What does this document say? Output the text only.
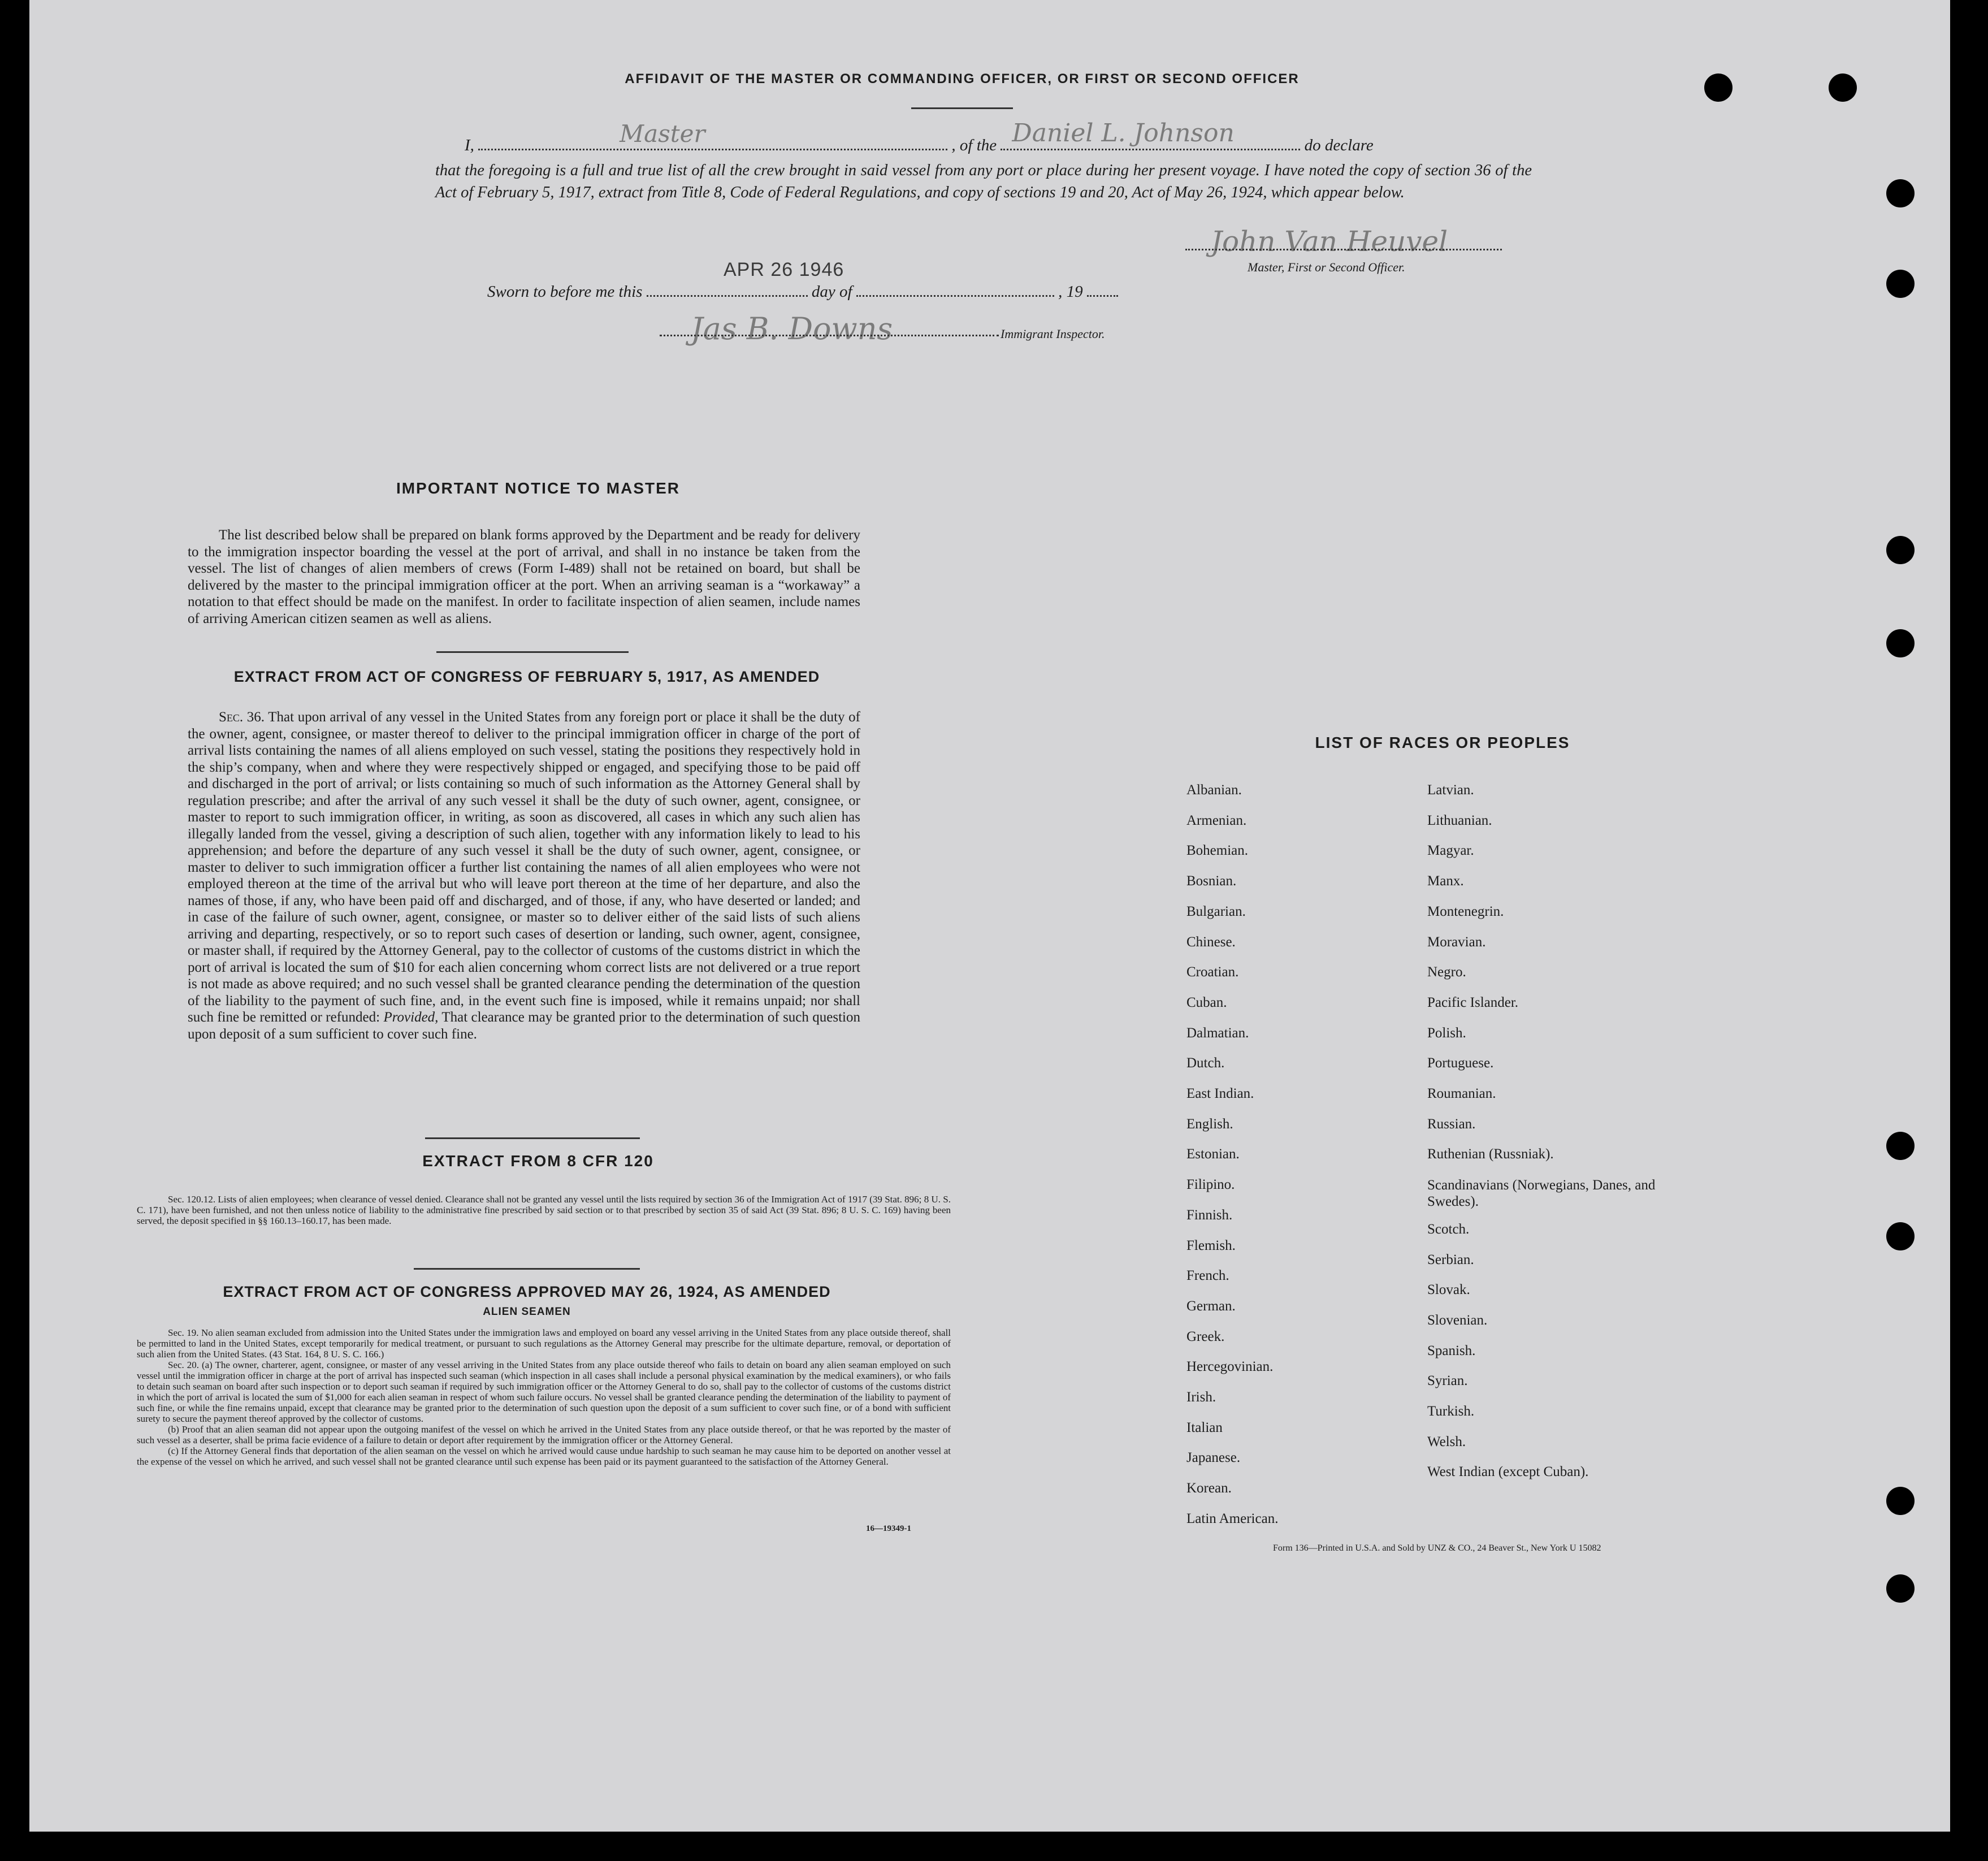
AFFIDAVIT OF THE MASTER OR COMMANDING OFFICER, OR FIRST OR SECOND OFFICER
I,	Master	, of the Daniel L. Johnson	do declare
that the foregoing is a full and true list of all the crew brought in said vessel from any port or place during her present voyage. I have noted the copy of section 36 of the Act of February 5, 1917, extract from Title 8, Code of Federal Regulations, and copy of sections 19 and 20, Act of May 26, 1924, which appear below.
John Van Heuvel
Master, First or Second Officer.
APR 26 1946
Sworn to before me this	day of	, 19
Jas B. Downs	Immigrant Inspector.
IMPORTANT NOTICE TO MASTER
The list described below shall be prepared on blank forms approved by the Department and be ready for delivery to the immigration inspector boarding the vessel at the port of arrival, and shall in no instance be taken from the vessel. The list of changes of alien members of crews (Form I-489) shall not be retained on board, but shall be delivered by the master to the principal immigration officer at the port. When an arriving seaman is a “workaway” a notation to that effect should be made on the manifest. In order to facilitate inspection of alien seamen, include names of arriving American citizen seamen as well as aliens.
EXTRACT FROM ACT OF CONGRESS OF FEBRUARY 5, 1917, AS AMENDED
Sec. 36. That upon arrival of any vessel in the United States from any foreign port or place it shall be the duty of the owner, agent, consignee, or master thereof to deliver to the principal immigration officer in charge of the port of arrival lists containing the names of all aliens employed on such vessel, stating the positions they respectively hold in the ship’s company, when and where they were respectively shipped or engaged, and specifying those to be paid off and discharged in the port of arrival; or lists containing so much of such information as the Attorney General shall by regulation prescribe; and after the arrival of any such vessel it shall be the duty of such owner, agent, consignee, or master to report to such immigration officer, in writing, as soon as discovered, all cases in which any such alien has illegally landed from the vessel, giving a description of such alien, together with any information likely to lead to his apprehension; and before the departure of any such vessel it shall be the duty of such owner, agent, consignee, or master to deliver to such immigration officer a further list containing the names of all alien employees who were not employed thereon at the time of the arrival but who will leave port thereon at the time of her departure, and also the names of those, if any, who have been paid off and discharged, and of those, if any, who have deserted or landed; and in case of the failure of such owner, agent, consignee, or master so to deliver either of the said lists of such aliens arriving and departing, respectively, or so to report such cases of desertion or landing, such owner, agent, consignee, or master shall, if required by the Attorney General, pay to the collector of customs of the customs district in which the port of arrival is located the sum of $10 for each alien concerning whom correct lists are not delivered or a true report is not made as above required; and no such vessel shall be granted clearance pending the determination of the question of the liability to the payment of such fine, and, in the event such fine is imposed, while it remains unpaid; nor shall such fine be remitted or refunded: Provided, That clearance may be granted prior to the determination of such question upon deposit of a sum sufficient to cover such fine.
EXTRACT FROM 8 CFR 120
Sec. 120.12. Lists of alien employees; when clearance of vessel denied. Clearance shall not be granted any vessel until the lists required by section 36 of the Immigration Act of 1917 (39 Stat. 896; 8 U. S. C. 171), have been furnished, and not then unless notice of liability to the administrative fine prescribed by said section or to that prescribed by section 35 of said Act (39 Stat. 896; 8 U. S. C. 169) having been served, the deposit specified in §§ 160.13–160.17, has been made.
EXTRACT FROM ACT OF CONGRESS APPROVED MAY 26, 1924, AS AMENDED
ALIEN SEAMEN
Sec. 19. No alien seaman excluded from admission into the United States under the immigration laws and employed on board any vessel arriving in the United States from any place outside thereof, shall be permitted to land in the United States, except temporarily for medical treatment, or pursuant to such regulations as the Attorney General may prescribe for the ultimate departure, removal, or deportation of such alien from the United States. (43 Stat. 164, 8 U. S. C. 166.)
Sec. 20. (a) The owner, charterer, agent, consignee, or master of any vessel arriving in the United States from any place outside thereof who fails to detain on board any alien seaman employed on such vessel until the immigration officer in charge at the port of arrival has inspected such seaman (which inspection in all cases shall include a personal physical examination by the medical examiners), or who fails to detain such seaman on board after such inspection or to deport such seaman if required by such immigration officer or the Attorney General to do so, shall pay to the collector of customs of the customs district in which the port of arrival is located the sum of $1,000 for each alien seaman in respect of whom such failure occurs. No vessel shall be granted clearance pending the determination of the liability to payment of such fine, or while the fine remains unpaid, except that clearance may be granted prior to the determination of such question upon the deposit of a sum sufficient to cover such fine, or of a bond with sufficient surety to secure the payment thereof approved by the collector of customs.
(b) Proof that an alien seaman did not appear upon the outgoing manifest of the vessel on which he arrived in the United States from any place outside thereof, or that he was reported by the master of such vessel as a deserter, shall be prima facie evidence of a failure to detain or deport after requirement by the immigration officer or the Attorney General.
(c) If the Attorney General finds that deportation of the alien seaman on the vessel on which he arrived would cause undue hardship to such seaman he may cause him to be deported on another vessel at the expense of the vessel on which he arrived, and such vessel shall not be granted clearance until such expense has been paid or its payment guaranteed to the satisfaction of the Attorney General.
16—19349-1
LIST OF RACES OR PEOPLES
Form 136—Printed in U.S.A. and Sold by UNZ & CO., 24 Beaver St., New York U 15082
Albanian.
Armenian.
Bohemian.
Bosnian.
Bulgarian.
Chinese.
Croatian.
Cuban.
Dalmatian.
Dutch.
East Indian.
English.
Estonian.
Filipino.
Finnish.
Flemish.
French.
German.
Greek.
Hercegovinian.
Irish.
Italian
Japanese.
Korean.
Latin American.
Latvian.
Lithuanian.
Magyar.
Manx.
Montenegrin.
Moravian.
Negro.
Pacific Islander.
Polish.
Portuguese.
Roumanian.
Russian.
Ruthenian (Russniak).
Scandinavians (Norwegians, Danes, and Swedes).
Scotch.
Serbian.
Slovak.
Slovenian.
Spanish.
Syrian.
Turkish.
Welsh.
West Indian (except Cuban).
